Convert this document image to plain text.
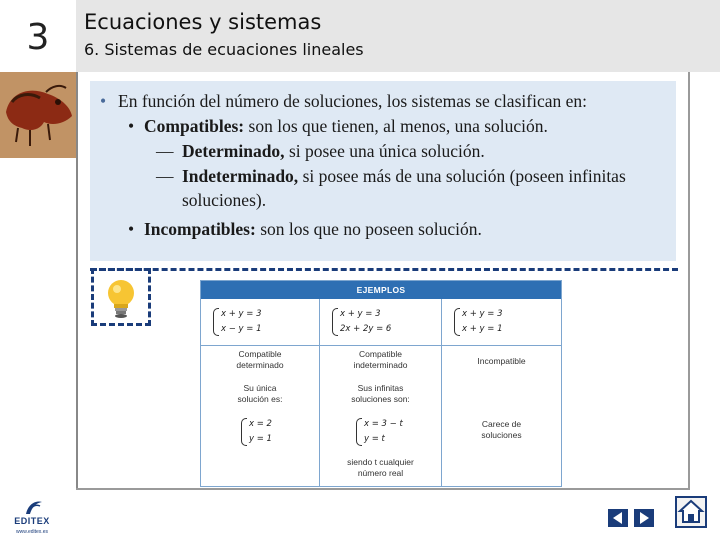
3	Ecuaciones y sistemas
6. Sistemas de ecuaciones lineales
• En función del número de soluciones, los sistemas se clasifican en:
• Compatibles: son los que tienen, al menos, una solución.
— Determinado, si posee una única solución.
— Indeterminado, si posee más de una solución (poseen infinitas
soluciones).
• Incompatibles: son los que no poseen solución.
EJEMPLOS
x + y = 3
x − y = 1
Compatible
determinado
Su única
solución es:
x = 2
y = 1
x + y = 3
2x + 2y = 6
Compatible
indeterminado
Sus infinitas
soluciones son:
x = 3 − t
y = t
siendo t cualquier
número real
x + y = 3
x + y = 1
Incompatible
Carece de
soluciones
EDITEX
www.editex.es
